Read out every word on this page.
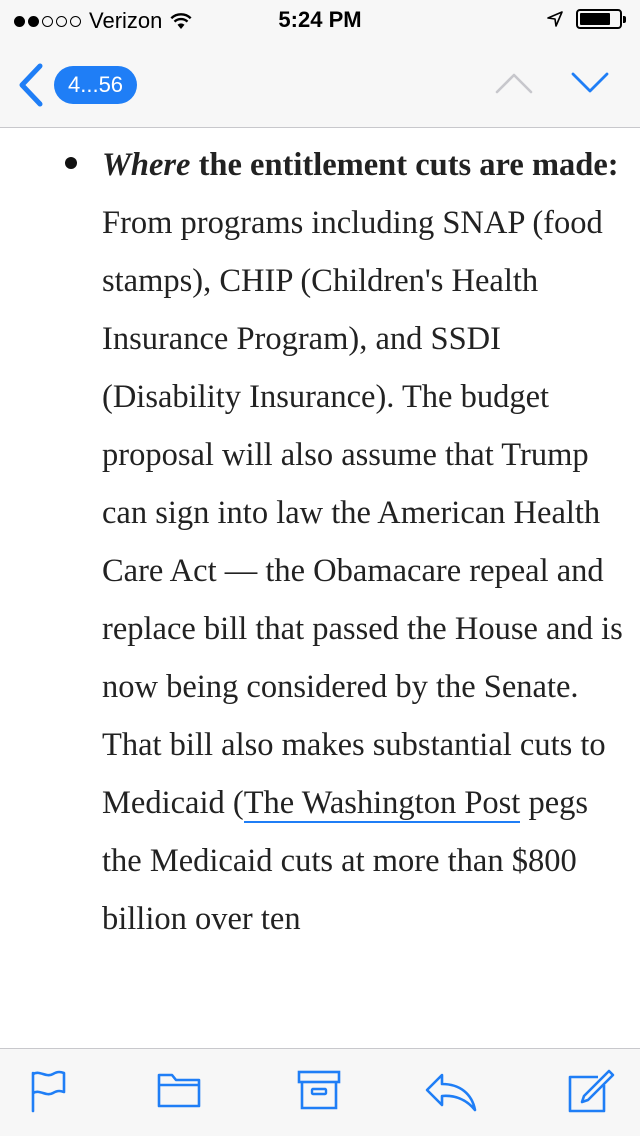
Verizon	5:24 PM
4...56

Where the entitlement cuts are made: From programs including SNAP (food stamps), CHIP (Children's Health Insurance Program), and SSDI (Disability Insurance). The budget proposal will also assume that Trump can sign into law the American Health Care Act — the Obamacare repeal and replace bill that passed the House and is now being considered by the Senate. That bill also makes substantial cuts to Medicaid (The Washington Post pegs the Medicaid cuts at more than $800 billion over ten
